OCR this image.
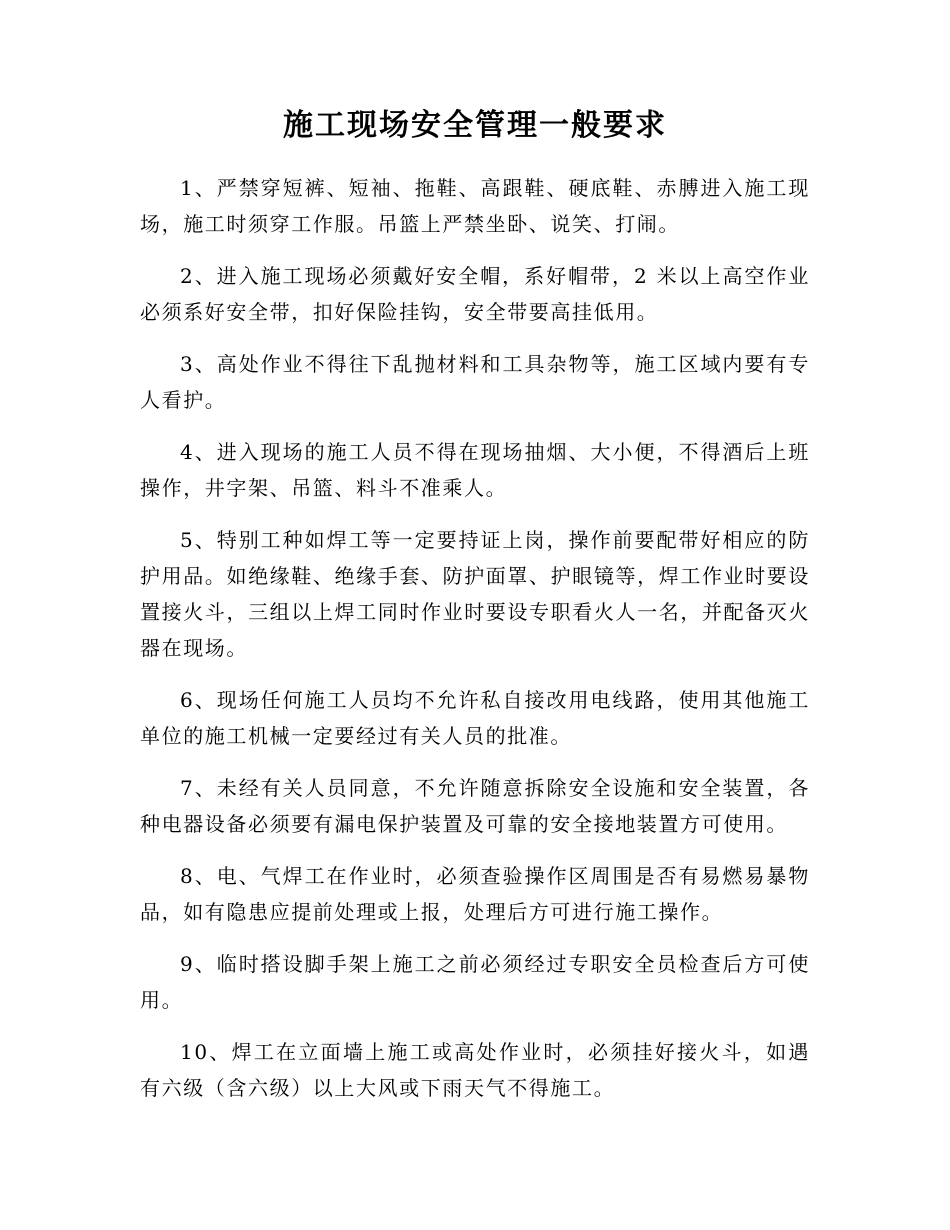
施工现场安全管理一般要求

1、严禁穿短裤、短袖、拖鞋、高跟鞋、硬底鞋、赤膊进入施工现场，施工时须穿工作服。吊篮上严禁坐卧、说笑、打闹。

2、进入施工现场必须戴好安全帽，系好帽带，2 米以上高空作业必须系好安全带，扣好保险挂钩，安全带要高挂低用。

3、高处作业不得往下乱抛材料和工具杂物等，施工区域内要有专人看护。

4、进入现场的施工人员不得在现场抽烟、大小便，不得酒后上班操作，井字架、吊篮、料斗不准乘人。

5、特别工种如焊工等一定要持证上岗，操作前要配带好相应的防护用品。如绝缘鞋、绝缘手套、防护面罩、护眼镜等，焊工作业时要设置接火斗，三组以上焊工同时作业时要设专职看火人一名，并配备灭火器在现场。

6、现场任何施工人员均不允许私自接改用电线路，使用其他施工单位的施工机械一定要经过有关人员的批准。

7、未经有关人员同意，不允许随意拆除安全设施和安全装置，各种电器设备必须要有漏电保护装置及可靠的安全接地装置方可使用。

8、电、气焊工在作业时，必须查验操作区周围是否有易燃易暴物品，如有隐患应提前处理或上报，处理后方可进行施工操作。

9、临时搭设脚手架上施工之前必须经过专职安全员检查后方可使用。

10、焊工在立面墙上施工或高处作业时，必须挂好接火斗，如遇有六级（含六级）以上大风或下雨天气不得施工。
